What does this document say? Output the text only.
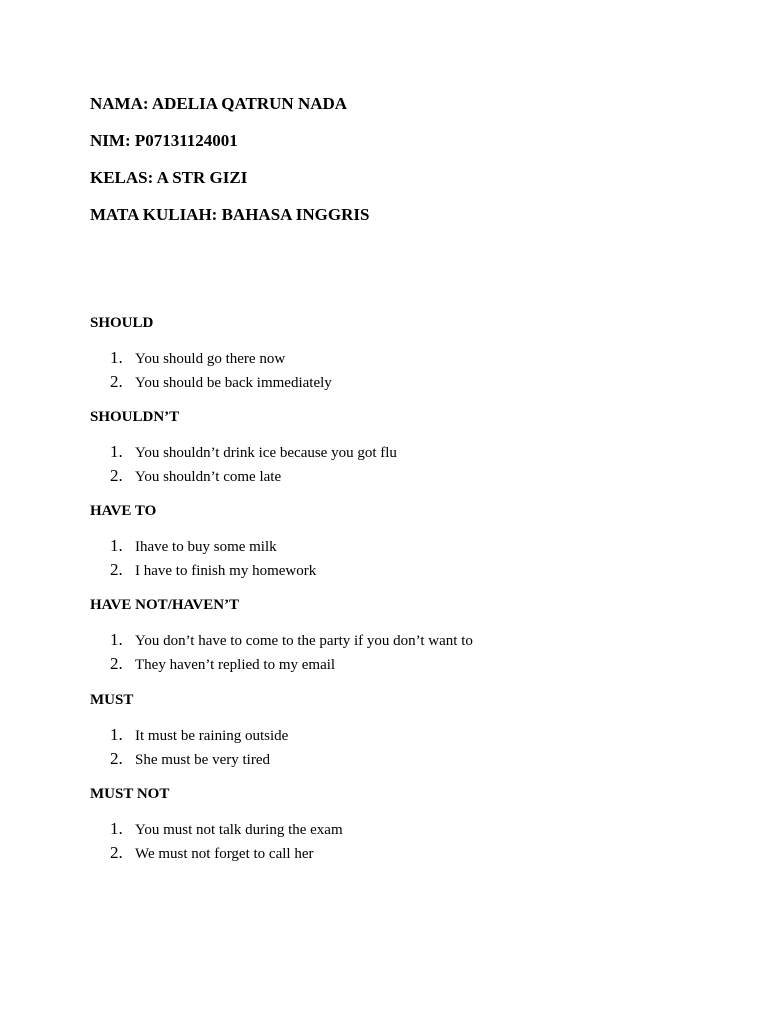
NAMA: ADELIA QATRUN NADA

NIM: P07131124001

KELAS: A STR GIZI

MATA KULIAH: BAHASA INGGRIS

SHOULD

1. You should go there now
2. You should be back immediately

SHOULDN’T

1. You shouldn’t drink ice because you got flu
2. You shouldn’t come late

HAVE TO

1. Ihave to buy some milk
2. I have to finish my homework

HAVE NOT/HAVEN’T

1. You don’t have to come to the party if you don’t want to
2. They haven’t replied to my email

MUST

1. It must be raining outside
2. She must be very tired

MUST NOT

1. You must not talk during the exam
2. We must not forget to call her
